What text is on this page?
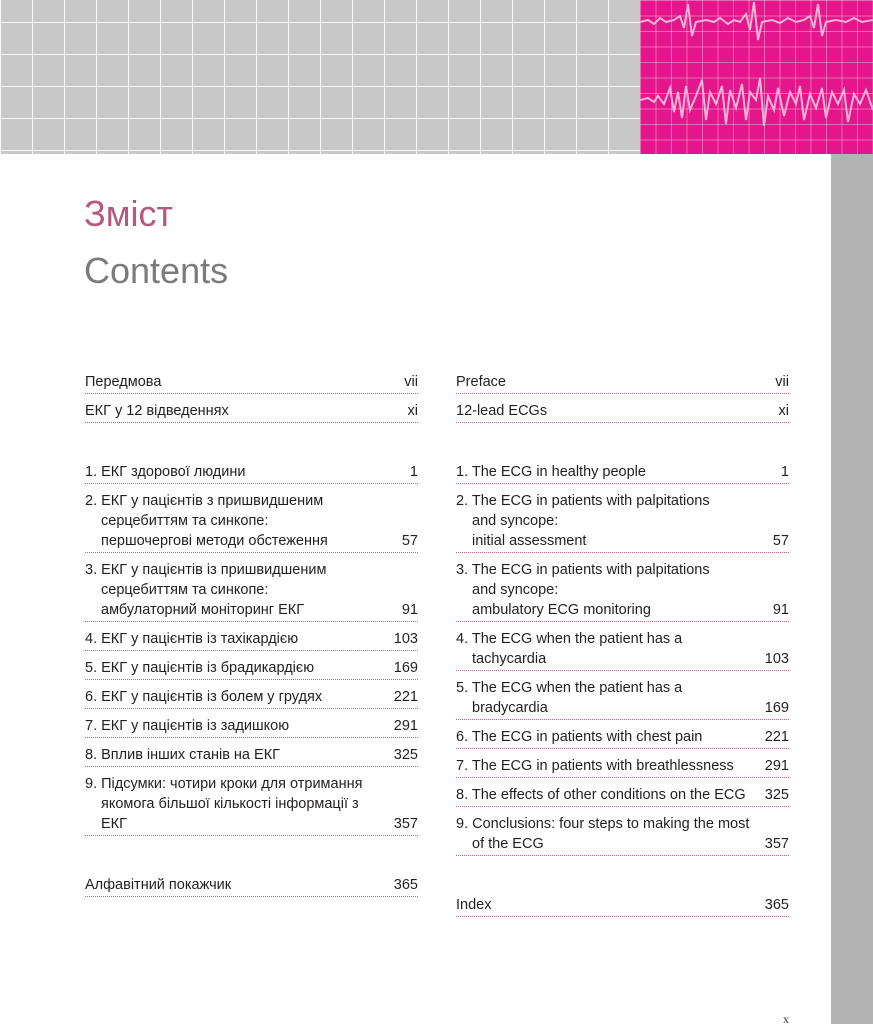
Зміст
Contents
Передмова	vii
ЕКГ у 12 відведеннях	xi
1. ЕКГ здорової людини	1
2. ЕКГ у пацієнтів з пришвидшеним
серцебиттям та синкопе:
першочергові методи обстеження	57
3. ЕКГ у пацієнтів із пришвидшеним
серцебиттям та синкопе:
амбулаторний моніторинг ЕКГ	91
4. ЕКГ у пацієнтів із тахікардією	103
5. ЕКГ у пацієнтів із брадикардією	169
6. ЕКГ у пацієнтів із болем у грудях	221
7. ЕКГ у пацієнтів із задишкою	291
8. Вплив інших станів на ЕКГ	325
9. Підсумки: чотири кроки для отримання
якомога більшої кількості інформації з ЕКГ	357
Алфавітний покажчик	365
Preface	vii
12-lead ECGs	xi
1. The ECG in healthy people	1
2. The ECG in patients with palpitations
and syncope:
initial assessment	57
3. The ECG in patients with palpitations
and syncope:
ambulatory ECG monitoring	91
4. The ECG when the patient has a tachycardia	103
5. The ECG when the patient has a bradycardia	169
6. The ECG in patients with chest pain	221
7. The ECG in patients with breathlessness	291
8. The effects of other conditions on the ECG	325
9. Conclusions: four steps to making the most
of the ECG	357
Index	365
x
